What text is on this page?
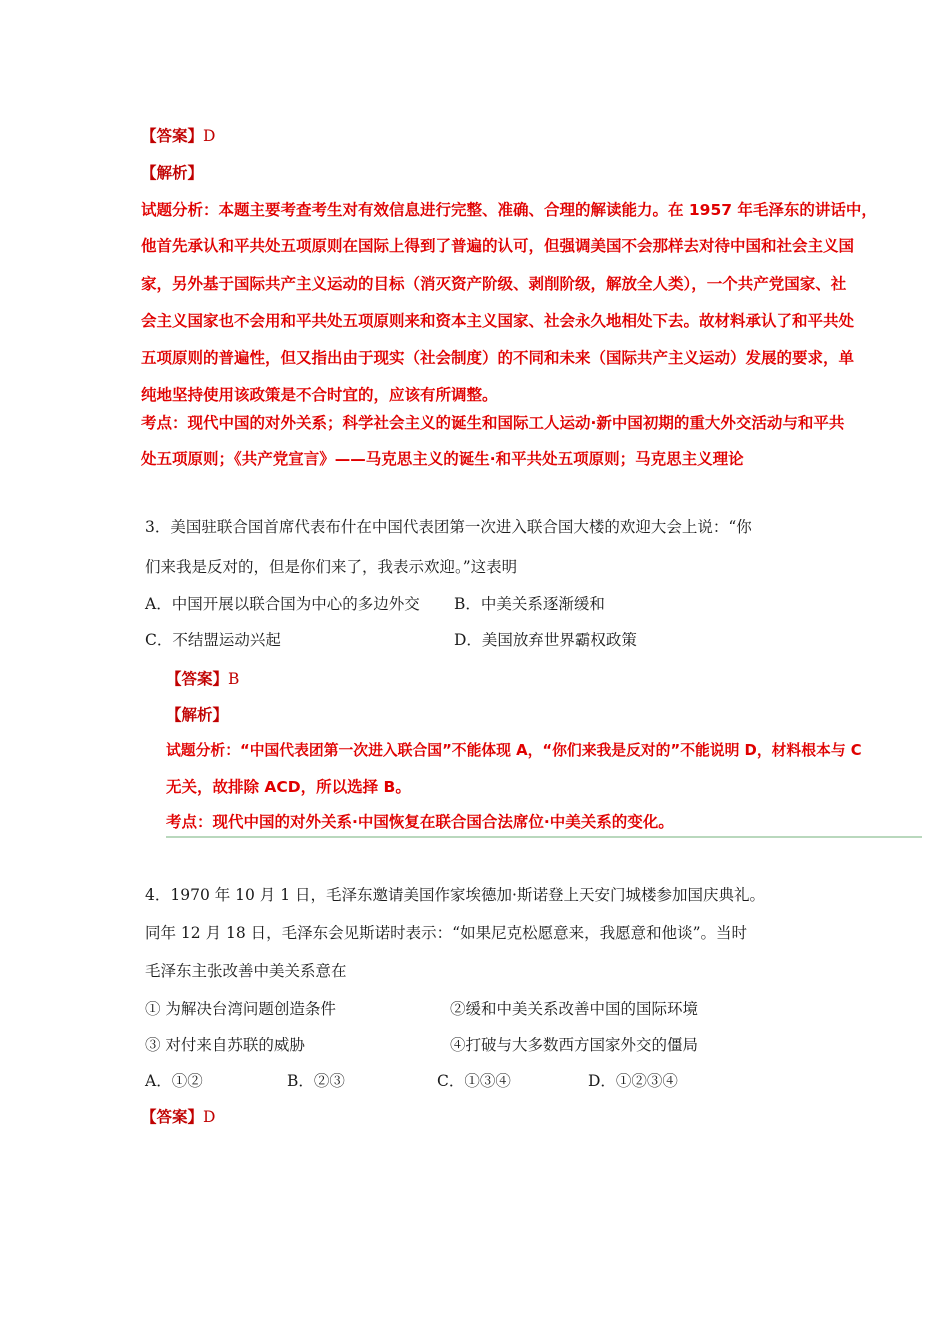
【答案】D
【解析】
试题分析：本题主要考查考生对有效信息进行完整、准确、合理的解读能力。在 1957 年毛泽东的讲话中，
他首先承认和平共处五项原则在国际上得到了普遍的认可，但强调美国不会那样去对待中国和社会主义国
家，另外基于国际共产主义运动的目标（消灭资产阶级、剥削阶级，解放全人类），一个共产党国家、社
会主义国家也不会用和平共处五项原则来和资本主义国家、社会永久地相处下去。故材料承认了和平共处
五项原则的普遍性，但又指出由于现实（社会制度）的不同和未来（国际共产主义运动）发展的要求，单
纯地坚持使用该政策是不合时宜的，应该有所调整。
考点：现代中国的对外关系；科学社会主义的诞生和国际工人运动·新中国初期的重大外交活动与和平共
处五项原则；《共产党宣言》——马克思主义的诞生·和平共处五项原则；马克思主义理论
3．美国驻联合国首席代表布什在中国代表团第一次进入联合国大楼的欢迎大会上说：“你
们来我是反对的，但是你们来了，我表示欢迎。”这表明
A．中国开展以联合国为中心的多边外交 B．中美关系逐渐缓和
C．不结盟运动兴起	D．美国放弃世界霸权政策
【答案】B
【解析】
试题分析：“中国代表团第一次进入联合国”不能体现 A，“你们来我是反对的”不能说明 D，材料根本与 C
无关，故排除 ACD，所以选择 B。
考点：现代中国的对外关系·中国恢复在联合国合法席位·中美关系的变化。
4．1970 年 10 月 1 日，毛泽东邀请美国作家埃德加·斯诺登上天安门城楼参加国庆典礼。
同年 12 月 18 日，毛泽东会见斯诺时表示：“如果尼克松愿意来，我愿意和他谈”。当时
毛泽东主张改善中美关系意在
① 为解决台湾问题创造条件	②缓和中美关系改善中国的国际环境
③ 对付来自苏联的威胁	④打破与大多数西方国家外交的僵局
A．①②	B．②③	C．①③④	D．①②③④
【答案】D
